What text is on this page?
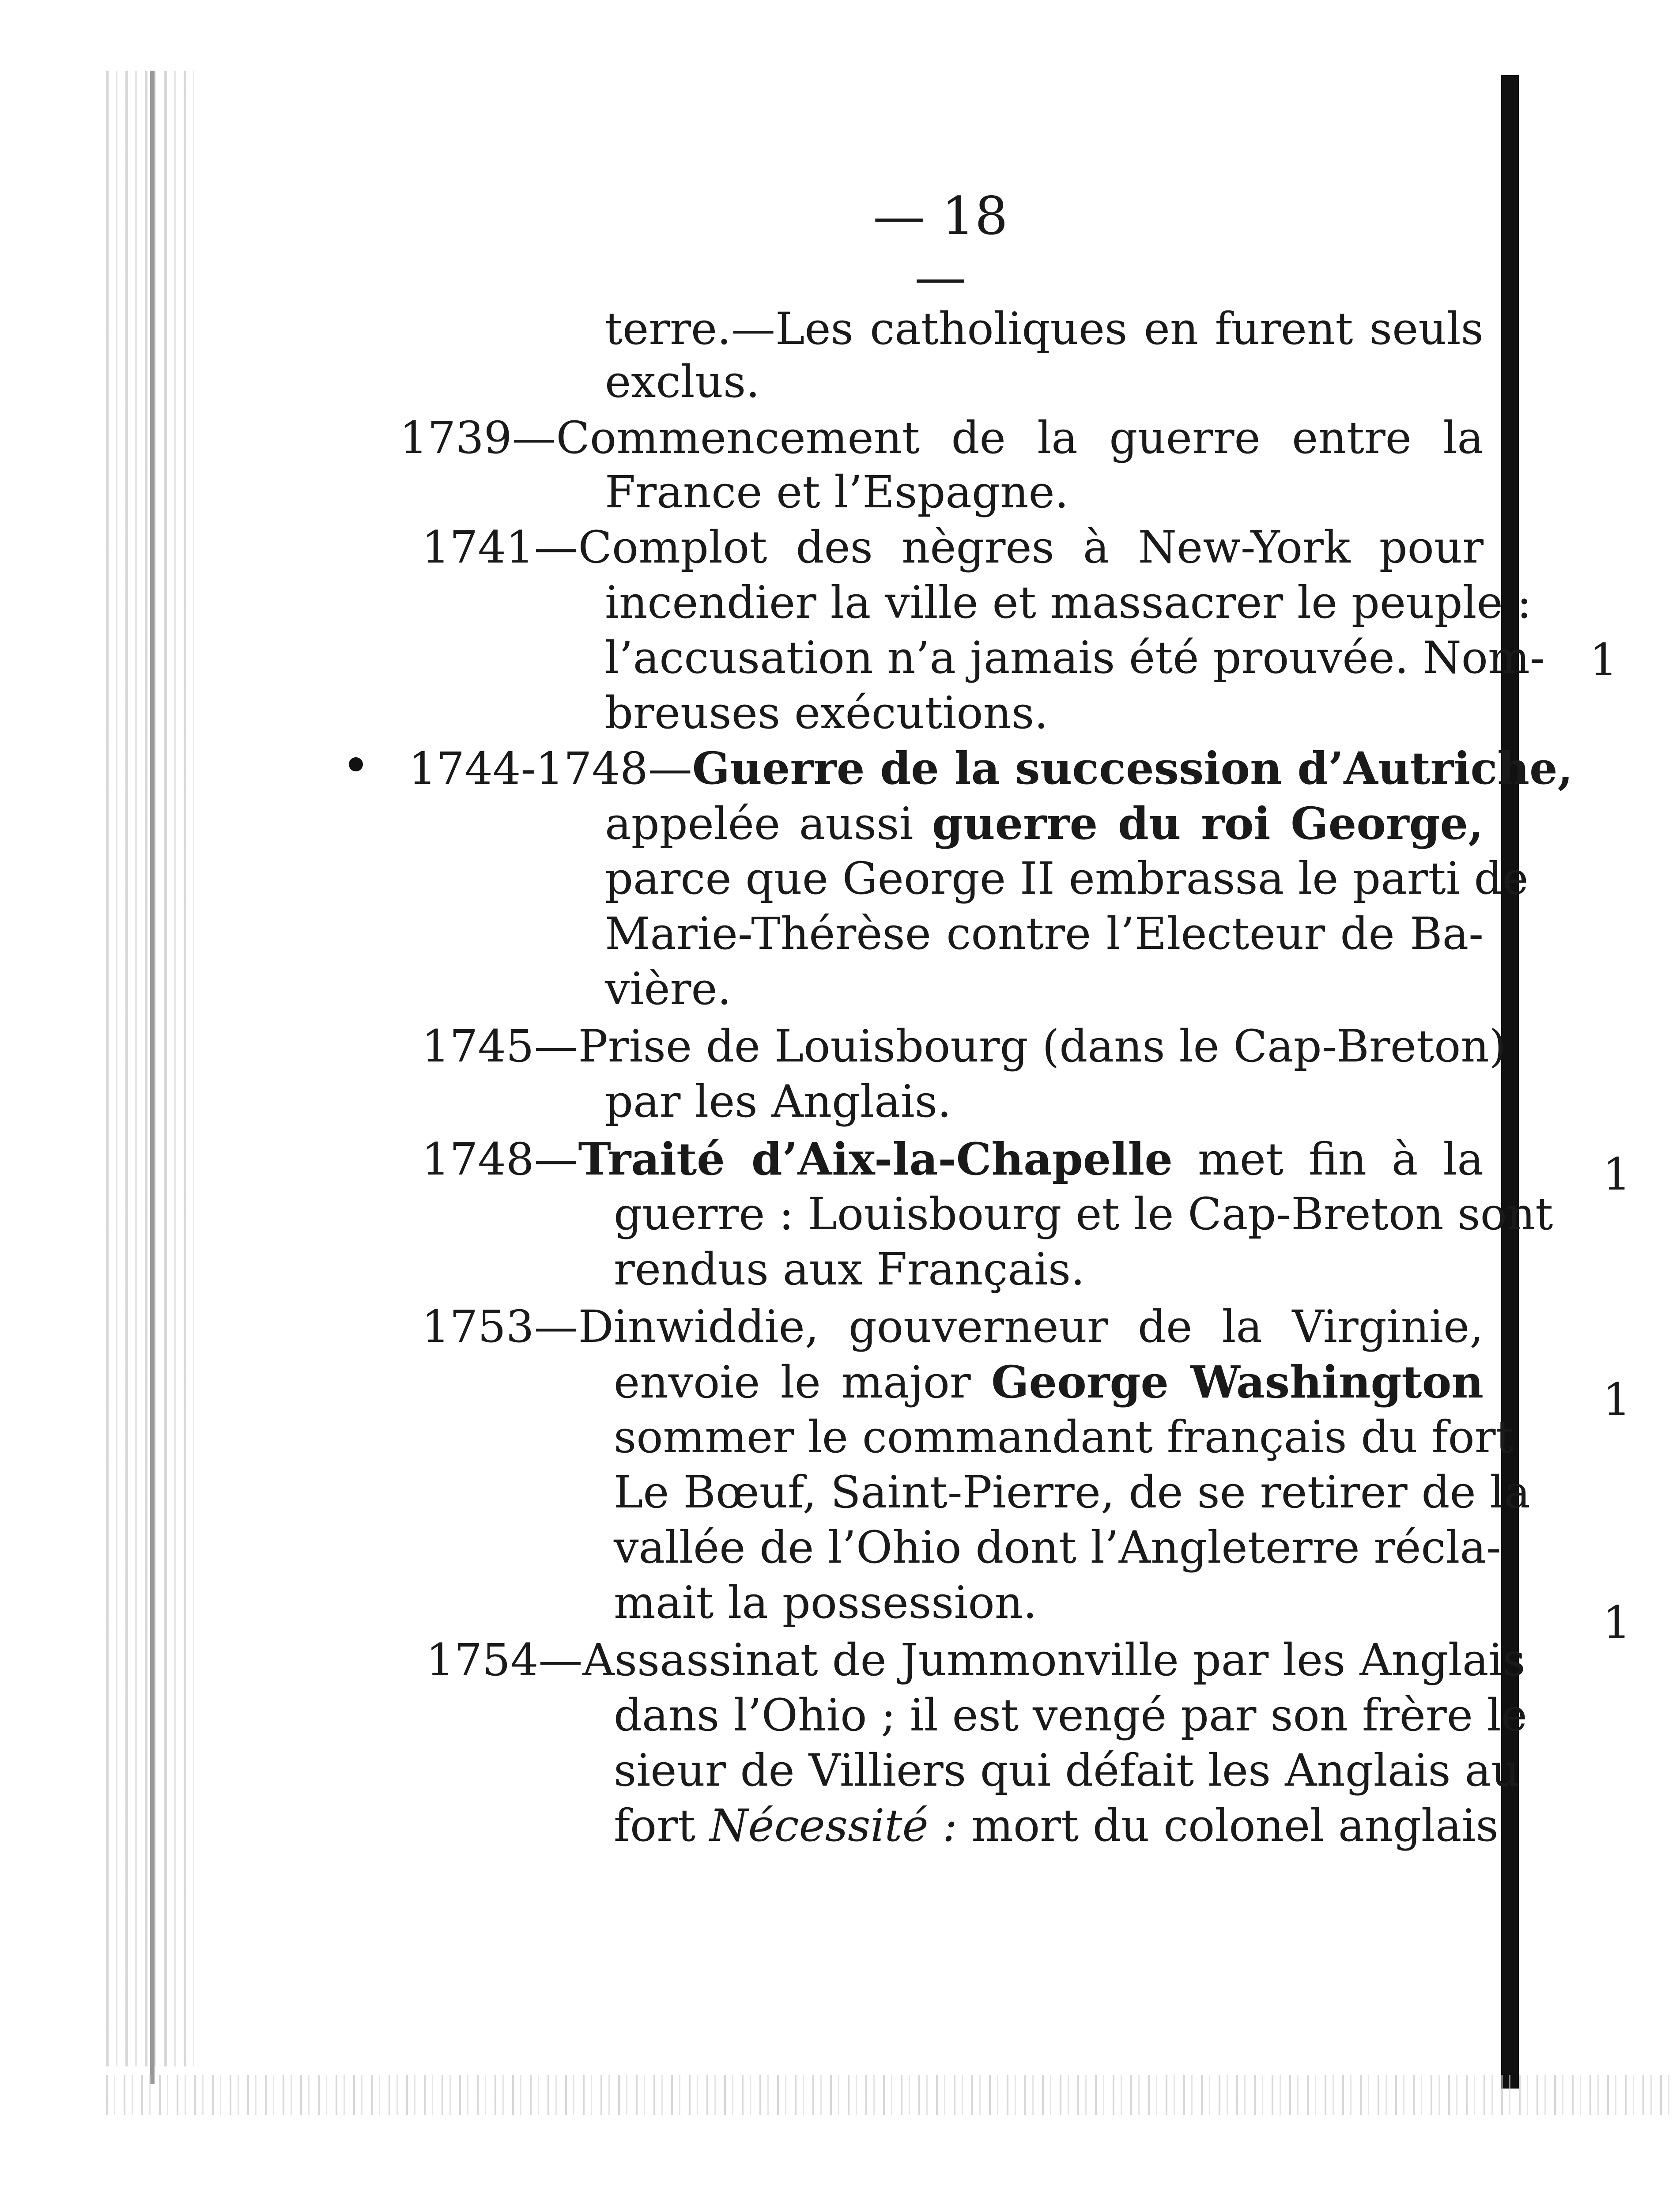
— 18 —
terre.—Les catholiques en furent seuls
exclus.
1739—Commencement de la guerre entre la
France et l’Espagne.
1741—Complot des nègres à New-York pour
incendier la ville et massacrer le peuple :
l’accusation n’a jamais été prouvée. Nom-
breuses exécutions.
1744-1748—Guerre de la succession d’Autriche,
appelée aussi guerre du roi George,
parce que George II embrassa le parti de
Marie-Thérèse contre l’Electeur de Ba-
vière.
1745—Prise de Louisbourg (dans le Cap-Breton)
par les Anglais.
1748—Traité d’Aix-la-Chapelle met fin à la
guerre : Louisbourg et le Cap-Breton sont
rendus aux Français.
1753—Dinwiddie, gouverneur de la Virginie,
envoie le major George Washington
sommer le commandant français du fort
Le Bœuf, Saint-Pierre, de se retirer de la
vallée de l’Ohio dont l’Angleterre récla-
mait la possession.
1754—Assassinat de Jummonville par les Anglais
dans l’Ohio ; il est vengé par son frère le
sieur de Villiers qui défait les Anglais au
fort Nécessité : mort du colonel anglais
1
1
1
1
